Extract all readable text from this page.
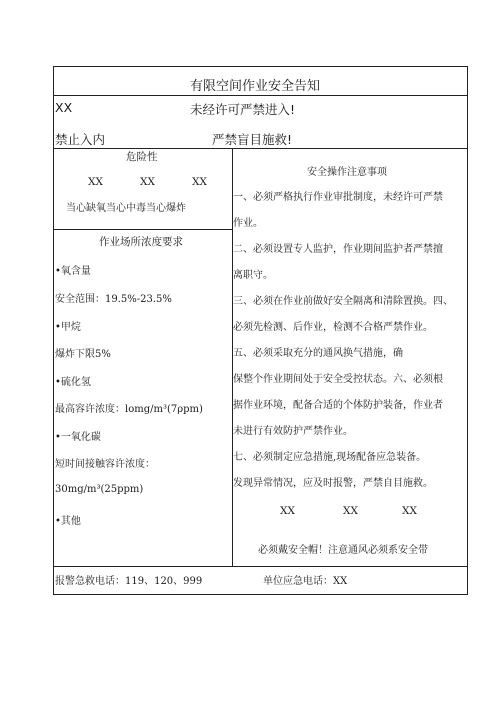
有限空间作业安全告知
XX	未经许可严禁进入!
禁止入内	严禁盲目施救!
危险性
XX	XX	XX
当心缺氧当心中毒当心爆炸
作业场所浓度要求
•氧含量
安全范围：19.5%-23.5%
•甲烷
爆炸下限5%
•硫化氢
最高容许浓度：lomg/m³(7ρpm)
•一氧化碳
短时间接触容许浓度：
30mg/m³(25ppm)
•其他
安全操作注意事项
一、必须严格执行作业审批制度，未经许可严禁
作业。
二、必须设置专人监护，作业期间监护者严禁擅
离职守。
三、必须在作业前做好安全隔离和清除置换。四、
必须先检测、后作业，检测不合格严禁作业。
五、必须采取充分的通风换气措施，确
保整个作业期间处于安全受控状态。六、必须根
据作业环境，配备合适的个体防护装备，作业者
未进行有效防护严禁作业。
七、必须制定应急措施,现场配备应急装备。
发现异常情况，应及时报警，严禁自目施救。
XX	XX	XX
必须戴安全帽！注意通风必须系安全带
报警急救电话：119、120、999	单位应急电话：XX
